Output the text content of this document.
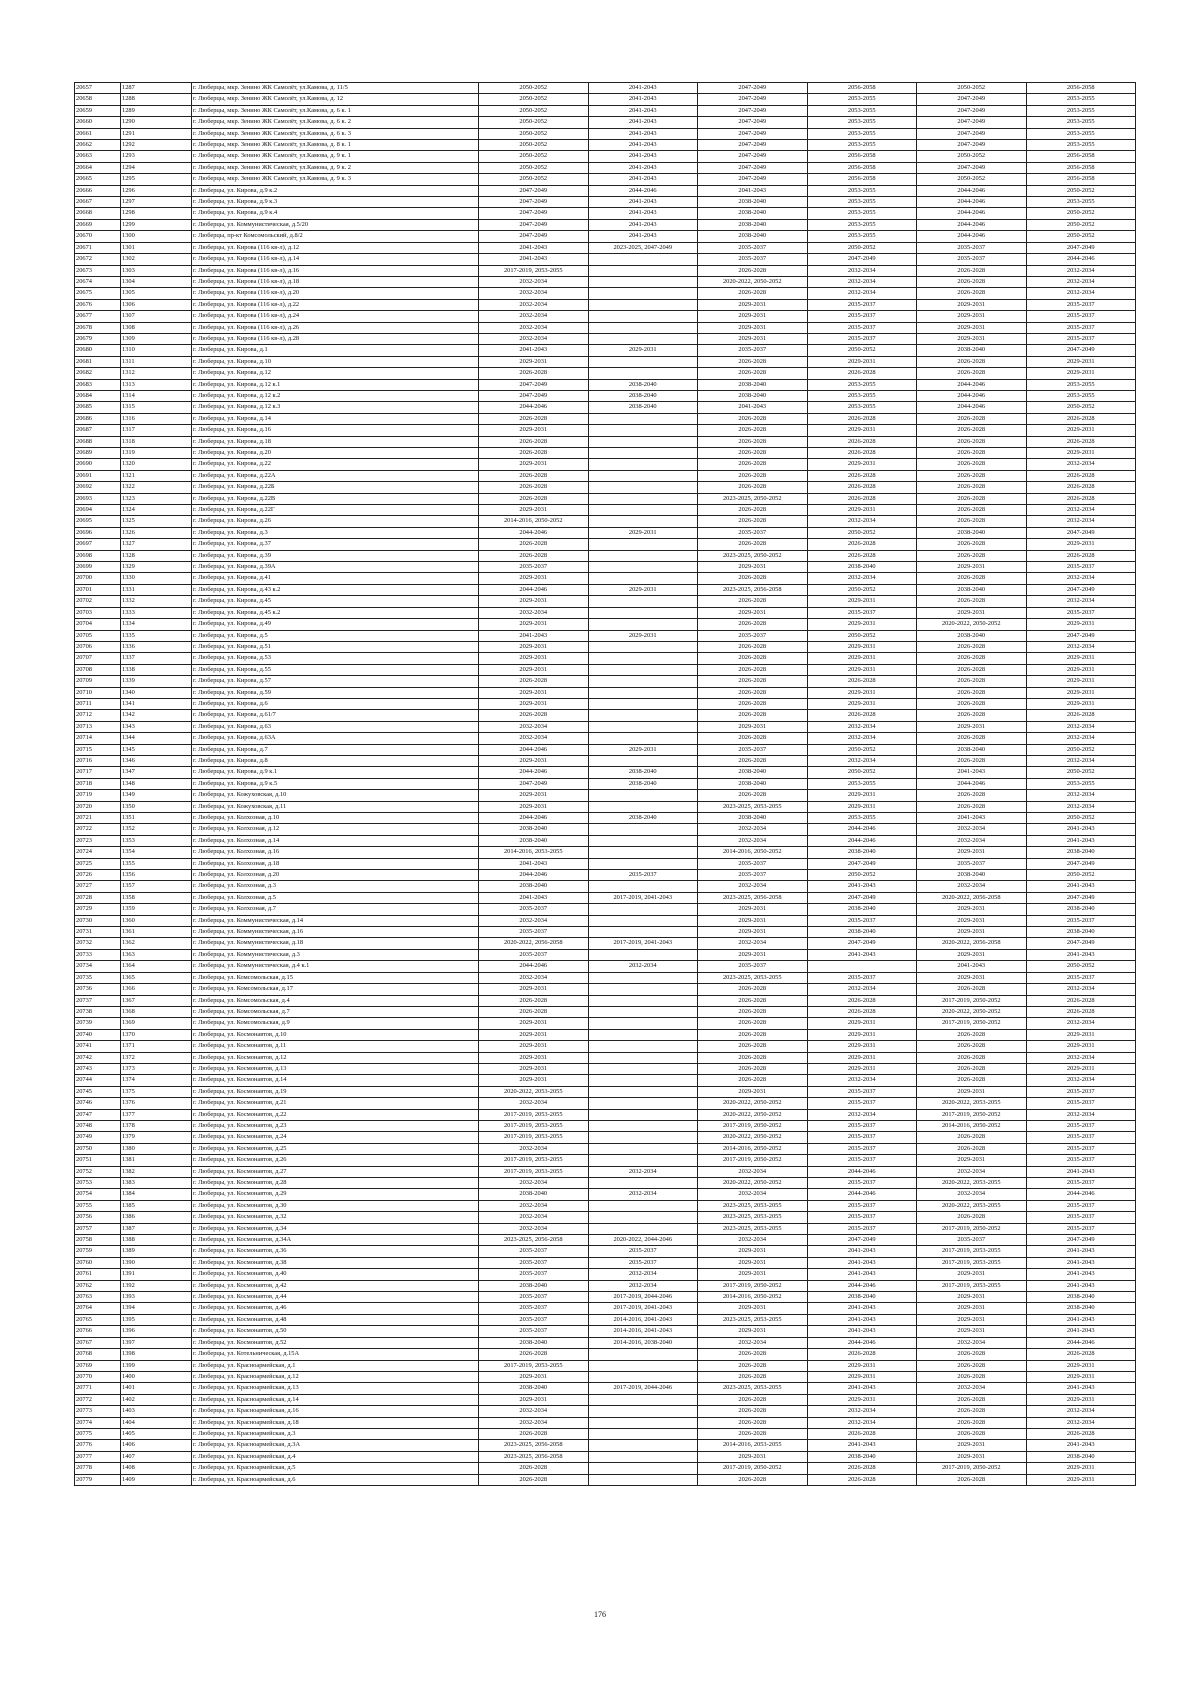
20657	1287	г. Люберцы, мкр. Зенино ЖК Самолёт, ул.Камова, д. 11/5	2050-2052	2041-2043	2047-2049	2056-2058	2050-2052	2056-2058
20658	1288	г. Люберцы, мкр. Зенино ЖК Самолёт, ул.Камова, д. 12	2050-2052	2041-2043	2047-2049	2053-2055	2047-2049	2053-2055
20659	1289	г. Люберцы, мкр. Зенино ЖК Самолёт, ул.Камова, д. 6 к. 1	2050-2052	2041-2043	2047-2049	2053-2055	2047-2049	2053-2055
20660	1290	г. Люберцы, мкр. Зенино ЖК Самолёт, ул.Камова, д. 6 к. 2	2050-2052	2041-2043	2047-2049	2053-2055	2047-2049	2053-2055
20661	1291	г. Люберцы, мкр. Зенино ЖК Самолёт, ул.Камова, д. 6 к. 3	2050-2052	2041-2043	2047-2049	2053-2055	2047-2049	2053-2055
20662	1292	г. Люберцы, мкр. Зенино ЖК Самолёт, ул.Камова, д. 8 к. 1	2050-2052	2041-2043	2047-2049	2053-2055	2047-2049	2053-2055
20663	1293	г. Люберцы, мкр. Зенино ЖК Самолёт, ул.Камова, д. 9 к. 1	2050-2052	2041-2043	2047-2049	2056-2058	2050-2052	2056-2058
20664	1294	г. Люберцы, мкр. Зенино ЖК Самолёт, ул.Камова, д. 9 к. 2	2050-2052	2041-2043	2047-2049	2056-2058	2047-2049	2056-2058
20665	1295	г. Люберцы, мкр. Зенино ЖК Самолёт, ул.Камова, д. 9 к. 3	2050-2052	2041-2043	2047-2049	2056-2058	2050-2052	2056-2058
20666	1296	г. Люберцы, ул. Кирова, д.9 к.2	2047-2049	2044-2046	2041-2043	2053-2055	2044-2046	2050-2052
20667	1297	г. Люберцы, ул. Кирова, д.9 к.3	2047-2049	2041-2043	2038-2040	2053-2055	2044-2046	2053-2055
20668	1298	г. Люберцы, ул. Кирова, д.9 к.4	2047-2049	2041-2043	2038-2040	2053-2055	2044-2046	2050-2052
20669	1299	г. Люберцы, ул. Коммунистическая, д.5/20	2047-2049	2041-2043	2038-2040	2053-2055	2044-2046	2050-2052
20670	1300	г. Люберцы, пр-кт Комсомольский, д.8/2	2047-2049	2041-2043	2038-2040	2053-2055	2044-2046	2050-2052
20671	1301	г. Люберцы, ул. Кирова (116 кв-л), д.12	2041-2043	2023-2025, 2047-2049	2035-2037	2050-2052	2035-2037	2047-2049
20672	1302	г. Люберцы, ул. Кирова (116 кв-л), д.14	2041-2043		2035-2037	2047-2049	2035-2037	2044-2046
20673	1303	г. Люберцы, ул. Кирова (116 кв-л), д.16	2017-2019, 2053-2055		2026-2028	2032-2034	2026-2028	2032-2034
20674	1304	г. Люберцы, ул. Кирова (116 кв-л), д.18	2032-2034		2020-2022, 2050-2052	2032-2034	2026-2028	2032-2034
20675	1305	г. Люберцы, ул. Кирова (116 кв-л), д.20	2032-2034		2026-2028	2032-2034	2026-2028	2032-2034
20676	1306	г. Люберцы, ул. Кирова (116 кв-л), д.22	2032-2034		2029-2031	2035-2037	2029-2031	2035-2037
20677	1307	г. Люберцы, ул. Кирова (116 кв-л), д.24	2032-2034		2029-2031	2035-2037	2029-2031	2035-2037
20678	1308	г. Люберцы, ул. Кирова (116 кв-л), д.26	2032-2034		2029-2031	2035-2037	2029-2031	2035-2037
20679	1309	г. Люберцы, ул. Кирова (116 кв-л), д.28	2032-2034		2029-2031	2035-2037	2029-2031	2035-2037
20680	1310	г. Люберцы, ул. Кирова, д.1	2041-2043	2029-2031	2035-2037	2050-2052	2038-2040	2047-2049
20681	1311	г. Люберцы, ул. Кирова, д.10	2029-2031		2026-2028	2029-2031	2026-2028	2029-2031
20682	1312	г. Люберцы, ул. Кирова, д.12	2026-2028		2026-2028	2026-2028	2026-2028	2029-2031
20683	1313	г. Люберцы, ул. Кирова, д.12 к.1	2047-2049	2038-2040	2038-2040	2053-2055	2044-2046	2053-2055
20684	1314	г. Люберцы, ул. Кирова, д.12 к.2	2047-2049	2038-2040	2038-2040	2053-2055	2044-2046	2053-2055
20685	1315	г. Люберцы, ул. Кирова, д.12 к.3	2044-2046	2038-2040	2041-2043	2053-2055	2044-2046	2050-2052
20686	1316	г. Люберцы, ул. Кирова, д.14	2026-2028		2026-2028	2026-2028	2026-2028	2026-2028
20687	1317	г. Люберцы, ул. Кирова, д.16	2029-2031		2026-2028	2029-2031	2026-2028	2029-2031
20688	1318	г. Люберцы, ул. Кирова, д.18	2026-2028		2026-2028	2026-2028	2026-2028	2026-2028
20689	1319	г. Люберцы, ул. Кирова, д.20	2026-2028		2026-2028	2026-2028	2026-2028	2029-2031
20690	1320	г. Люберцы, ул. Кирова, д.22	2029-2031		2026-2028	2029-2031	2026-2028	2032-2034
20691	1321	г. Люберцы, ул. Кирова, д.22А	2026-2028		2026-2028	2026-2028	2026-2028	2026-2028
20692	1322	г. Люберцы, ул. Кирова, д.22Б	2026-2028		2026-2028	2026-2028	2026-2028	2026-2028
20693	1323	г. Люберцы, ул. Кирова, д.22В	2026-2028		2023-2025, 2050-2052	2026-2028	2026-2028	2026-2028
20694	1324	г. Люберцы, ул. Кирова, д.22Г	2029-2031		2026-2028	2029-2031	2026-2028	2032-2034
20695	1325	г. Люберцы, ул. Кирова, д.26	2014-2016, 2050-2052		2026-2028	2032-2034	2026-2028	2032-2034
20696	1326	г. Люберцы, ул. Кирова, д.3	2044-2046	2029-2031	2035-2037	2050-2052	2038-2040	2047-2049
20697	1327	г. Люберцы, ул. Кирова, д.37	2026-2028		2026-2028	2026-2028	2026-2028	2029-2031
20698	1328	г. Люберцы, ул. Кирова, д.39	2026-2028		2023-2025, 2050-2052	2026-2028	2026-2028	2026-2028
20699	1329	г. Люберцы, ул. Кирова, д.39А	2035-2037		2029-2031	2038-2040	2029-2031	2035-2037
20700	1330	г. Люберцы, ул. Кирова, д.41	2029-2031		2026-2028	2032-2034	2026-2028	2032-2034
20701	1331	г. Люберцы, ул. Кирова, д.43 к.2	2044-2046	2029-2031	2023-2025, 2056-2058	2050-2052	2038-2040	2047-2049
20702	1332	г. Люберцы, ул. Кирова, д.45	2029-2031		2026-2028	2029-2031	2026-2028	2032-2034
20703	1333	г. Люберцы, ул. Кирова, д.45 к.2	2032-2034		2029-2031	2035-2037	2029-2031	2035-2037
20704	1334	г. Люберцы, ул. Кирова, д.49	2029-2031		2026-2028	2029-2031	2020-2022, 2050-2052	2029-2031
20705	1335	г. Люберцы, ул. Кирова, д.5	2041-2043	2029-2031	2035-2037	2050-2052	2038-2040	2047-2049
20706	1336	г. Люберцы, ул. Кирова, д.51	2029-2031		2026-2028	2029-2031	2026-2028	2032-2034
20707	1337	г. Люберцы, ул. Кирова, д.53	2029-2031		2026-2028	2029-2031	2026-2028	2029-2031
20708	1338	г. Люберцы, ул. Кирова, д.55	2029-2031		2026-2028	2029-2031	2026-2028	2029-2031
20709	1339	г. Люберцы, ул. Кирова, д.57	2026-2028		2026-2028	2026-2028	2026-2028	2029-2031
20710	1340	г. Люберцы, ул. Кирова, д.59	2029-2031		2026-2028	2029-2031	2026-2028	2029-2031
20711	1341	г. Люберцы, ул. Кирова, д.6	2029-2031		2026-2028	2029-2031	2026-2028	2029-2031
20712	1342	г. Люберцы, ул. Кирова, д.61/7	2026-2028		2026-2028	2026-2028	2026-2028	2026-2028
20713	1343	г. Люберцы, ул. Кирова, д.63	2032-2034		2029-2031	2032-2034	2029-2031	2032-2034
20714	1344	г. Люберцы, ул. Кирова, д.63А	2032-2034		2026-2028	2032-2034	2026-2028	2032-2034
20715	1345	г. Люберцы, ул. Кирова, д.7	2044-2046	2029-2031	2035-2037	2050-2052	2038-2040	2050-2052
20716	1346	г. Люберцы, ул. Кирова, д.8	2029-2031		2026-2028	2032-2034	2026-2028	2032-2034
20717	1347	г. Люберцы, ул. Кирова, д.9 к.1	2044-2046	2038-2040	2038-2040	2050-2052	2041-2043	2050-2052
20718	1348	г. Люберцы, ул. Кирова, д.9 к.5	2047-2049	2038-2040	2038-2040	2053-2055	2044-2046	2053-2055
20719	1349	г. Люберцы, ул. Кожуховская, д.10	2029-2031		2026-2028	2029-2031	2026-2028	2032-2034
20720	1350	г. Люберцы, ул. Кожуховская, д.11	2029-2031		2023-2025, 2053-2055	2029-2031	2026-2028	2032-2034
20721	1351	г. Люберцы, ул. Колхозная, д.10	2044-2046	2038-2040	2038-2040	2053-2055	2041-2043	2050-2052
20722	1352	г. Люберцы, ул. Колхозная, д.12	2038-2040		2032-2034	2044-2046	2032-2034	2041-2043
20723	1353	г. Люберцы, ул. Колхозная, д.14	2038-2040		2032-2034	2044-2046	2032-2034	2041-2043
20724	1354	г. Люберцы, ул. Колхозная, д.16	2014-2016, 2053-2055		2014-2016, 2050-2052	2038-2040	2029-2031	2038-2040
20725	1355	г. Люберцы, ул. Колхозная, д.18	2041-2043		2035-2037	2047-2049	2035-2037	2047-2049
20726	1356	г. Люберцы, ул. Колхозная, д.20	2044-2046	2035-2037	2035-2037	2050-2052	2038-2040	2050-2052
20727	1357	г. Люберцы, ул. Колхозная, д.3	2038-2040		2032-2034	2041-2043	2032-2034	2041-2043
20728	1358	г. Люберцы, ул. Колхозная, д.5	2041-2043	2017-2019, 2041-2043	2023-2025, 2056-2058	2047-2049	2020-2022, 2056-2058	2047-2049
20729	1359	г. Люберцы, ул. Колхозная, д.7	2035-2037		2029-2031	2038-2040	2029-2031	2038-2040
20730	1360	г. Люберцы, ул. Коммунистическая, д.14	2032-2034		2029-2031	2035-2037	2029-2031	2035-2037
20731	1361	г. Люберцы, ул. Коммунистическая, д.16	2035-2037		2029-2031	2038-2040	2029-2031	2038-2040
20732	1362	г. Люберцы, ул. Коммунистическая, д.18	2020-2022, 2056-2058	2017-2019, 2041-2043	2032-2034	2047-2049	2020-2022, 2056-2058	2047-2049
20733	1363	г. Люберцы, ул. Коммунистическая, д.3	2035-2037		2029-2031	2041-2043	2029-2031	2041-2043
20734	1364	г. Люберцы, ул. Коммунистическая, д.4 к.1	2044-2046	2032-2034	2035-2037		2041-2043	2050-2052
20735	1365	г. Люберцы, ул. Комсомольская, д.15	2032-2034		2023-2025, 2053-2055	2035-2037	2029-2031	2035-2037
20736	1366	г. Люберцы, ул. Комсомольская, д.17	2029-2031		2026-2028	2032-2034	2026-2028	2032-2034
20737	1367	г. Люберцы, ул. Комсомольская, д.4	2026-2028		2026-2028	2026-2028	2017-2019, 2050-2052	2026-2028
20738	1368	г. Люберцы, ул. Комсомольская, д.7	2026-2028		2026-2028	2026-2028	2020-2022, 2050-2052	2026-2028
20739	1369	г. Люберцы, ул. Комсомольская, д.9	2029-2031		2026-2028	2029-2031	2017-2019, 2050-2052	2032-2034
20740	1370	г. Люберцы, ул. Космонавтов, д.10	2029-2031		2026-2028	2029-2031	2026-2028	2029-2031
20741	1371	г. Люберцы, ул. Космонавтов, д.11	2029-2031		2026-2028	2029-2031	2026-2028	2029-2031
20742	1372	г. Люберцы, ул. Космонавтов, д.12	2029-2031		2026-2028	2029-2031	2026-2028	2032-2034
20743	1373	г. Люберцы, ул. Космонавтов, д.13	2029-2031		2026-2028	2029-2031	2026-2028	2029-2031
20744	1374	г. Люберцы, ул. Космонавтов, д.14	2029-2031		2026-2028	2032-2034	2026-2028	2032-2034
20745	1375	г. Люберцы, ул. Космонавтов, д.19	2020-2022, 2053-2055		2029-2031	2035-2037	2029-2031	2035-2037
20746	1376	г. Люберцы, ул. Космонавтов, д.21	2032-2034		2020-2022, 2050-2052	2035-2037	2020-2022, 2053-2055	2035-2037
20747	1377	г. Люберцы, ул. Космонавтов, д.22	2017-2019, 2053-2055		2020-2022, 2050-2052	2032-2034	2017-2019, 2050-2052	2032-2034
20748	1378	г. Люберцы, ул. Космонавтов, д.23	2017-2019, 2053-2055		2017-2019, 2050-2052	2035-2037	2014-2016, 2050-2052	2035-2037
20749	1379	г. Люберцы, ул. Космонавтов, д.24	2017-2019, 2053-2055		2020-2022, 2050-2052	2035-2037	2026-2028	2035-2037
20750	1380	г. Люберцы, ул. Космонавтов, д.25	2032-2034		2014-2016, 2050-2052	2035-2037	2026-2028	2035-2037
20751	1381	г. Люберцы, ул. Космонавтов, д.26	2017-2019, 2053-2055		2017-2019, 2050-2052	2035-2037	2029-2031	2035-2037
20752	1382	г. Люберцы, ул. Космонавтов, д.27	2017-2019, 2053-2055	2032-2034	2032-2034	2044-2046	2032-2034	2041-2043
20753	1383	г. Люберцы, ул. Космонавтов, д.28	2032-2034		2020-2022, 2050-2052	2035-2037	2020-2022, 2053-2055	2035-2037
20754	1384	г. Люберцы, ул. Космонавтов, д.29	2038-2040	2032-2034	2032-2034	2044-2046	2032-2034	2044-2046
20755	1385	г. Люберцы, ул. Космонавтов, д.30	2032-2034		2023-2025, 2053-2055	2035-2037	2020-2022, 2053-2055	2035-2037
20756	1386	г. Люберцы, ул. Космонавтов, д.32	2032-2034		2023-2025, 2053-2055	2035-2037	2026-2028	2035-2037
20757	1387	г. Люберцы, ул. Космонавтов, д.34	2032-2034		2023-2025, 2053-2055	2035-2037	2017-2019, 2050-2052	2035-2037
20758	1388	г. Люберцы, ул. Космонавтов, д.34А	2023-2025, 2056-2058	2020-2022, 2044-2046	2032-2034	2047-2049	2035-2037	2047-2049
20759	1389	г. Люберцы, ул. Космонавтов, д.36	2035-2037	2035-2037	2029-2031	2041-2043	2017-2019, 2053-2055	2041-2043
20760	1390	г. Люберцы, ул. Космонавтов, д.38	2035-2037	2035-2037	2029-2031	2041-2043	2017-2019, 2053-2055	2041-2043
20761	1391	г. Люберцы, ул. Космонавтов, д.40	2035-2037	2032-2034	2029-2031	2041-2043	2029-2031	2041-2043
20762	1392	г. Люберцы, ул. Космонавтов, д.42	2038-2040	2032-2034	2017-2019, 2050-2052	2044-2046	2017-2019, 2053-2055	2041-2043
20763	1393	г. Люберцы, ул. Космонавтов, д.44	2035-2037	2017-2019, 2044-2046	2014-2016, 2050-2052	2038-2040	2029-2031	2038-2040
20764	1394	г. Люберцы, ул. Космонавтов, д.46	2035-2037	2017-2019, 2041-2043	2029-2031	2041-2043	2029-2031	2038-2040
20765	1395	г. Люберцы, ул. Космонавтов, д.48	2035-2037	2014-2016, 2041-2043	2023-2025, 2053-2055	2041-2043	2029-2031	2041-2043
20766	1396	г. Люберцы, ул. Космонавтов, д.50	2035-2037	2014-2016, 2041-2043	2029-2031	2041-2043	2029-2031	2041-2043
20767	1397	г. Люберцы, ул. Космонавтов, д.52	2038-2040	2014-2016, 2038-2040	2032-2034	2044-2046	2032-2034	2044-2046
20768	1398	г. Люберцы, ул. Котельническая, д.15А	2026-2028		2026-2028	2026-2028	2026-2028	2026-2028
20769	1399	г. Люберцы, ул. Красноармейская, д.1	2017-2019, 2053-2055		2026-2028	2029-2031	2026-2028	2029-2031
20770	1400	г. Люберцы, ул. Красноармейская, д.12	2029-2031		2026-2028	2029-2031	2026-2028	2029-2031
20771	1401	г. Люберцы, ул. Красноармейская, д.13	2038-2040	2017-2019, 2044-2046	2023-2025, 2053-2055	2041-2043	2032-2034	2041-2043
20772	1402	г. Люберцы, ул. Красноармейская, д.14	2029-2031		2026-2028	2029-2031	2026-2028	2029-2031
20773	1403	г. Люберцы, ул. Красноармейская, д.16	2032-2034		2026-2028	2032-2034	2026-2028	2032-2034
20774	1404	г. Люберцы, ул. Красноармейская, д.18	2032-2034		2026-2028	2032-2034	2026-2028	2032-2034
20775	1405	г. Люберцы, ул. Красноармейская, д.3	2026-2028		2026-2028	2026-2028	2026-2028	2026-2028
20776	1406	г. Люберцы, ул. Красноармейская, д.3А	2023-2025, 2056-2058		2014-2016, 2053-2055	2041-2043	2029-2031	2041-2043
20777	1407	г. Люберцы, ул. Красноармейская, д.4	2023-2025, 2056-2058		2029-2031	2038-2040	2029-2031	2038-2040
20778	1408	г. Люберцы, ул. Красноармейская, д.5	2026-2028		2017-2019, 2050-2052	2026-2028	2017-2019, 2050-2052	2029-2031
20779	1409	г. Люберцы, ул. Красноармейская, д.6	2026-2028		2026-2028	2026-2028	2026-2028	2029-2031
176
